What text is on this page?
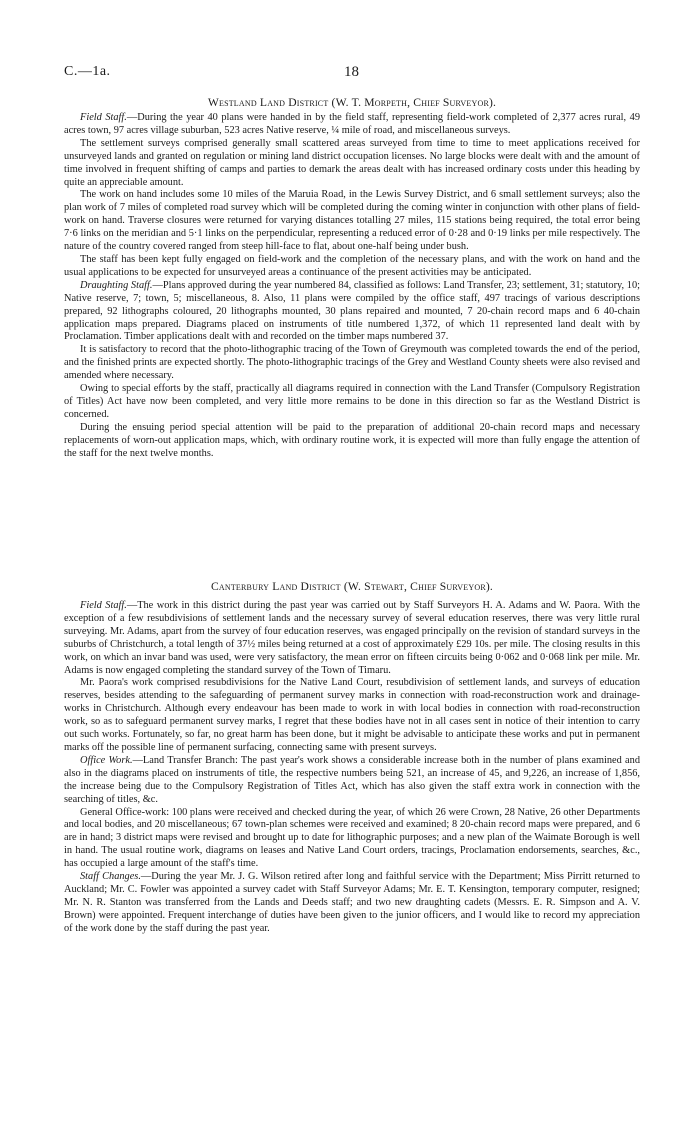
C.—1a.	18
Westland Land District (W. T. Morpeth, Chief Surveyor).

Field Staff.—During the year 40 plans were handed in by the field staff, representing field-work completed of 2,377 acres rural, 49 acres town, 97 acres village suburban, 523 acres Native reserve, ¼ mile of road, and miscellaneous surveys.

The settlement surveys comprised generally small scattered areas surveyed from time to time to meet applications received for unsurveyed lands and granted on regulation or mining land district occupation licenses. No large blocks were dealt with and the amount of time involved in frequent shifting of camps and parties to demark the areas dealt with has increased ordinary costs under this heading by quite an appreciable amount.

The work on hand includes some 10 miles of the Maruia Road, in the Lewis Survey District, and 6 small settlement surveys; also the plan work of 7 miles of completed road survey which will be completed during the coming winter in conjunction with other plans of field-work on hand. Traverse closures were returned for varying distances totalling 27 miles, 115 stations being required, the total error being 7·6 links on the meridian and 5·1 links on the perpendicular, representing a reduced error of 0·28 and 0·19 links per mile respectively. The nature of the country covered ranged from steep hill-face to flat, about one-half being under bush.

The staff has been kept fully engaged on field-work and the completion of the necessary plans, and with the work on hand and the usual applications to be expected for unsurveyed areas a continuance of the present activities may be anticipated.

Draughting Staff.—Plans approved during the year numbered 84, classified as follows: Land Transfer, 23; settlement, 31; statutory, 10; Native reserve, 7; town, 5; miscellaneous, 8. Also, 11 plans were compiled by the office staff, 497 tracings of various descriptions prepared, 92 lithographs coloured, 20 lithographs mounted, 30 plans repaired and mounted, 7 20-chain record maps and 6 40-chain application maps prepared. Diagrams placed on instruments of title numbered 1,372, of which 11 represented land dealt with by Proclamation. Timber applications dealt with and recorded on the timber maps numbered 37.

It is satisfactory to record that the photo-lithographic tracing of the Town of Greymouth was completed towards the end of the period, and the finished prints are expected shortly. The photo-lithographic tracings of the Grey and Westland County sheets were also revised and amended where necessary.

Owing to special efforts by the staff, practically all diagrams required in connection with the Land Transfer (Compulsory Registration of Titles) Act have now been completed, and very little more remains to be done in this direction so far as the Westland District is concerned.

During the ensuing period special attention will be paid to the preparation of additional 20-chain record maps and necessary replacements of worn-out application maps, which, with ordinary routine work, it is expected will more than fully engage the attention of the staff for the next twelve months.

Canterbury Land District (W. Stewart, Chief Surveyor).

Field Staff.—The work in this district during the past year was carried out by Staff Surveyors H. A. Adams and W. Paora. With the exception of a few resubdivisions of settlement lands and the necessary survey of several education reserves, there was very little rural surveying. Mr. Adams, apart from the survey of four education reserves, was engaged principally on the revision of standard surveys in the suburbs of Christchurch, a total length of 37½ miles being returned at a cost of approximately £29 10s. per mile. The closing results in this work, on which an invar band was used, were very satisfactory, the mean error on fifteen circuits being 0·062 and 0·068 link per mile. Mr. Adams is now engaged completing the standard survey of the Town of Timaru.

Mr. Paora's work comprised resubdivisions for the Native Land Court, resubdivision of settlement lands, and surveys of education reserves, besides attending to the safeguarding of permanent survey marks in connection with road-reconstruction work and drainage-works in Christchurch. Although every endeavour has been made to work in with local bodies in connection with road-reconstruction work, so as to safeguard permanent survey marks, I regret that these bodies have not in all cases sent in notice of their intention to carry out such works. Fortunately, so far, no great harm has been done, but it might be advisable to anticipate these works and put in permanent marks off the possible line of permanent surfacing, connecting same with present surveys.

Office Work.—Land Transfer Branch: The past year's work shows a considerable increase both in the number of plans examined and also in the diagrams placed on instruments of title, the respective numbers being 521, an increase of 45, and 9,226, an increase of 1,856, the increase being due to the Compulsory Registration of Titles Act, which has also given the staff extra work in connection with the searching of titles, &c.

General Office-work: 100 plans were received and checked during the year, of which 26 were Crown, 28 Native, 26 other Departments and local bodies, and 20 miscellaneous; 67 town-plan schemes were received and examined; 8 20-chain record maps were prepared, and 6 are in hand; 3 district maps were revised and brought up to date for lithographic purposes; and a new plan of the Waimate Borough is well in hand. The usual routine work, diagrams on leases and Native Land Court orders, tracings, Proclamation endorsements, searches, &c., has occupied a large amount of the staff's time.

Staff Changes.—During the year Mr. J. G. Wilson retired after long and faithful service with the Department; Miss Pirritt returned to Auckland; Mr. C. Fowler was appointed a survey cadet with Staff Surveyor Adams; Mr. E. T. Kensington, temporary computer, resigned; Mr. N. R. Stanton was transferred from the Lands and Deeds staff; and two new draughting cadets (Messrs. E. R. Simpson and A. V. Brown) were appointed. Frequent interchange of duties have been given to the junior officers, and I would like to record my appreciation of the work done by the staff during the past year.
